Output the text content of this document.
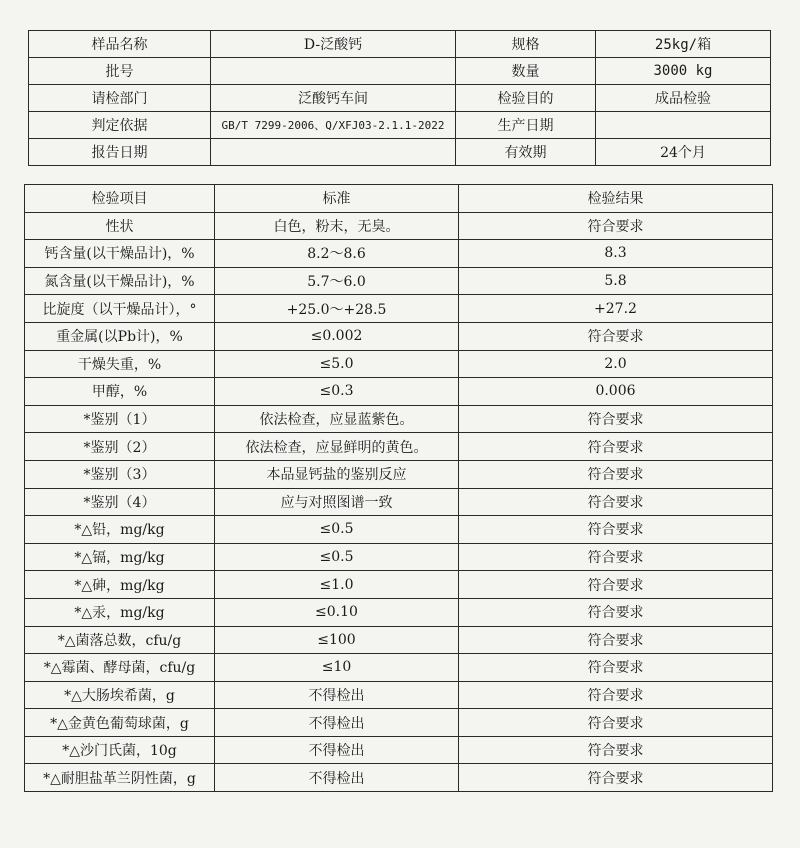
样品名称	D-泛酸钙	规格	25kg/箱
批号		数量	3000 kg
请检部门	泛酸钙车间	检验目的	成品检验
判定依据	GB/T 7299-2006、Q/XFJ03-2.1.1-2022	生产日期	
报告日期		有效期	24个月
检验项目	标准	检验结果
性状	白色，粉末，无臭。	符合要求
钙含量(以干燥品计)，%	8.2～8.6	8.3
氮含量(以干燥品计)，%	5.7～6.0	5.8
比旋度（以干燥品计），°	+25.0～+28.5	+27.2
重金属(以Pb计)，%	≤0.002	符合要求
干燥失重，%	≤5.0	2.0
甲醇，%	≤0.3	0.006
*鉴别（1）	依法检查，应显蓝紫色。	符合要求
*鉴别（2）	依法检查，应显鲜明的黄色。	符合要求
*鉴别（3）	本品显钙盐的鉴别反应	符合要求
*鉴别（4）	应与对照图谱一致	符合要求
*△铅，mg/kg	≤0.5	符合要求
*△镉，mg/kg	≤0.5	符合要求
*△砷，mg/kg	≤1.0	符合要求
*△汞，mg/kg	≤0.10	符合要求
*△菌落总数，cfu/g	≤100	符合要求
*△霉菌、酵母菌，cfu/g	≤10	符合要求
*△大肠埃希菌，g	不得检出	符合要求
*△金黄色葡萄球菌，g	不得检出	符合要求
*△沙门氏菌，10g	不得检出	符合要求
*△耐胆盐革兰阴性菌，g	不得检出	符合要求
